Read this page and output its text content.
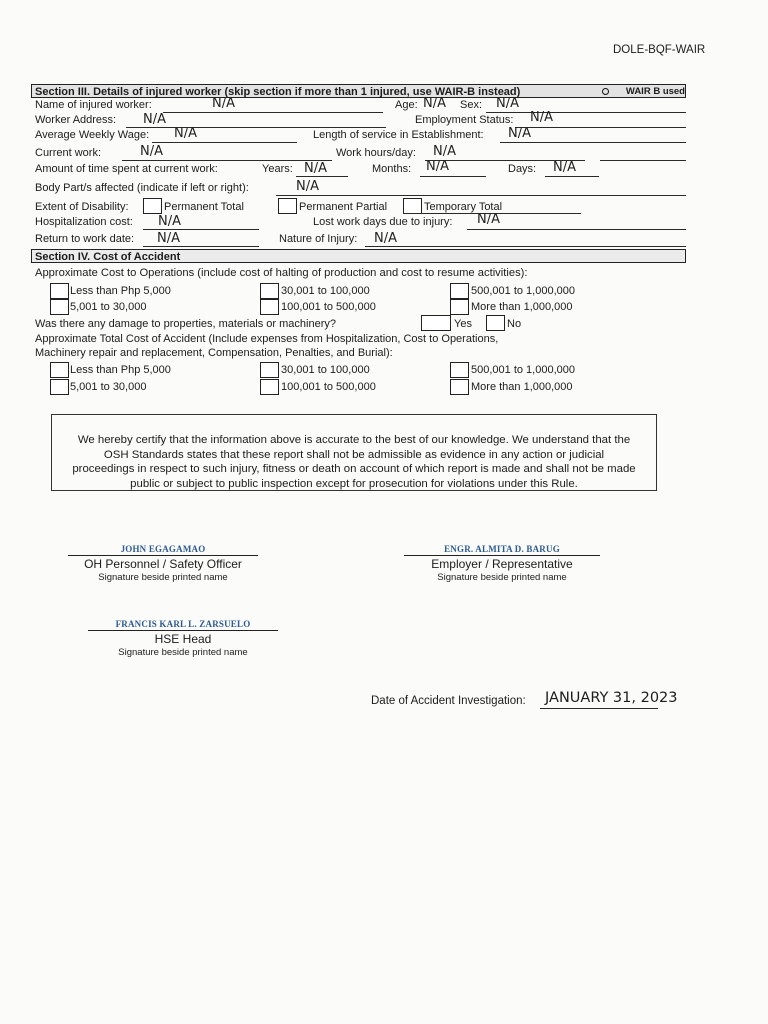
DOLE-BQF-WAIR
Section III. Details of injured worker (skip section if more than 1 injured, use WAIR-B instead)	WAIR B used
Name of injured worker:	N/A	Age: N/A Sex: N/A
Worker Address: N/A	Employment Status: N/A
Average Weekly Wage: N/A	Length of service in Establishment: N/A
Current work:	N/A	Work hours/day: N/A
Amount of time spent at current work:	Years: N/A	Months: N/A	Days: N/A
Body Part/s affected (indicate if left or right):	N/A
Extent of Disability:	Permanent Total	Permanent Partial	Temporary Total
Hospitalization cost: N/A	Lost work days due to injury: N/A
Return to work date: N/A	Nature of Injury: N/A
Section IV. Cost of Accident
Approximate Cost to Operations (include cost of halting of production and cost to resume activities):
Less than Php 5,000	30,001 to 100,000	500,001 to 1,000,000
5,001 to 30,000	100,001 to 500,000	More than 1,000,000
Was there any damage to properties, materials or machinery?	Yes	No
Approximate Total Cost of Accident (Include expenses from Hospitalization, Cost to Operations,
Machinery repair and replacement, Compensation, Penalties, and Burial):
Less than Php 5,000	30,001 to 100,000	500,001 to 1,000,000
5,001 to 30,000	100,001 to 500,000	More than 1,000,000
We hereby certify that the information above is accurate to the best of our knowledge. We understand that the
OSH Standards states that these report shall not be admissible as evidence in any action or judicial
proceedings in respect to such injury, fitness or death on account of which report is made and shall not be made
public or subject to public inspection except for prosecution for violations under this Rule.
JOHN EGAGAMAO
OH Personnel / Safety Officer
Signature beside printed name
ENGR. ALMITA D. BARUG
Employer / Representative
Signature beside printed name
FRANCIS KARL L. ZARSUELO
HSE Head
Signature beside printed name
Date of Accident Investigation: JANUARY 31, 2023
